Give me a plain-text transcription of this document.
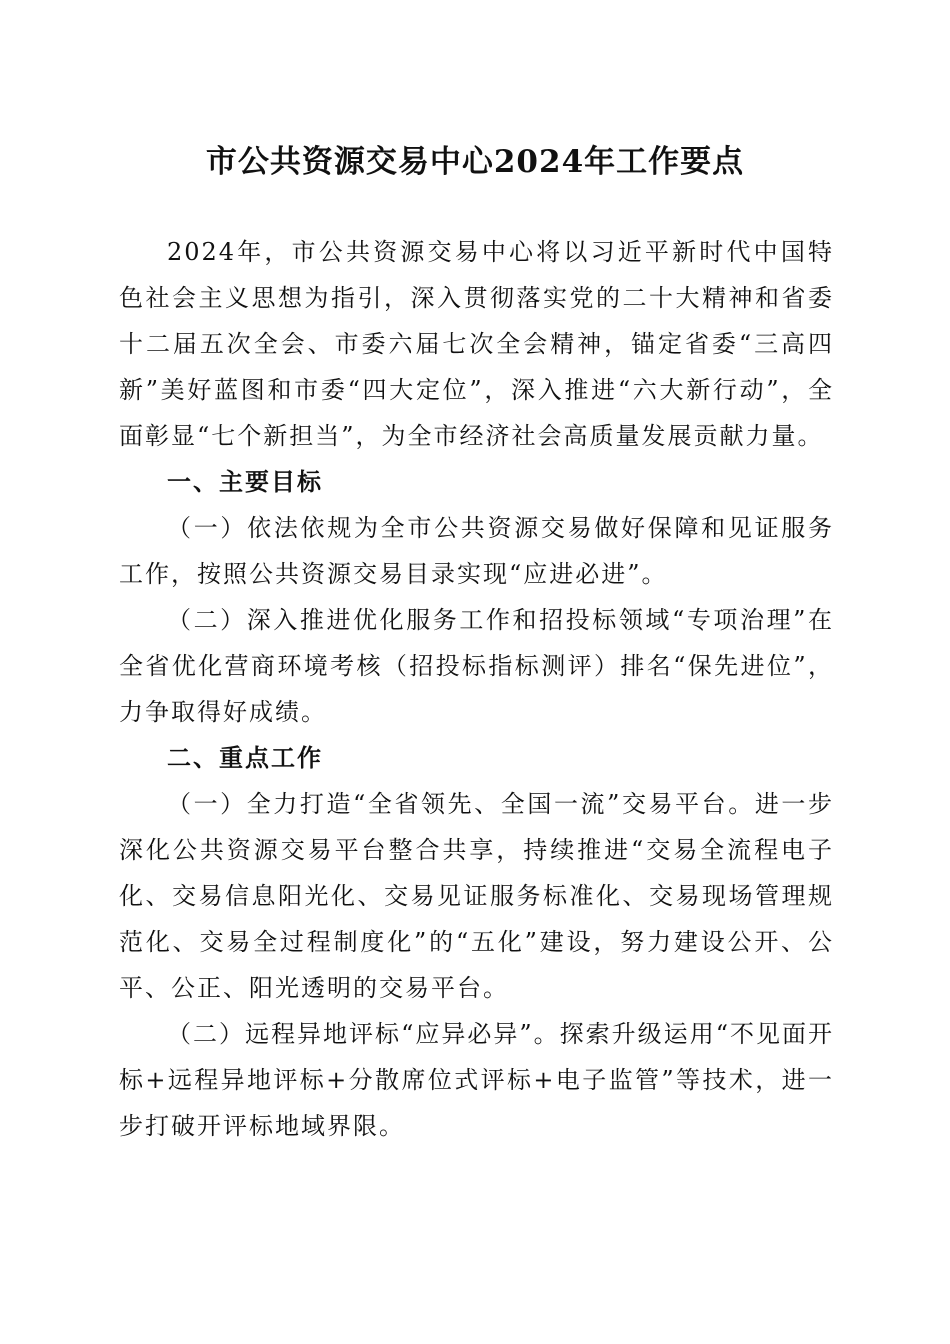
市公共资源交易中心2024年工作要点

2024年，市公共资源交易中心将以习近平新时代中国特色社会主义思想为指引，深入贯彻落实党的二十大精神和省委十二届五次全会、市委六届七次全会精神，锚定省委“三高四新”美好蓝图和市委“四大定位”，深入推进“六大新行动”，全面彰显“七个新担当”，为全市经济社会高质量发展贡献力量。

一、主要目标

（一）依法依规为全市公共资源交易做好保障和见证服务工作，按照公共资源交易目录实现“应进必进”。

（二）深入推进优化服务工作和招投标领域“专项治理”在全省优化营商环境考核（招投标指标测评）排名“保先进位”，力争取得好成绩。

二、重点工作

（一）全力打造“全省领先、全国一流”交易平台。进一步深化公共资源交易平台整合共享，持续推进“交易全流程电子化、交易信息阳光化、交易见证服务标准化、交易现场管理规范化、交易全过程制度化”的“五化”建设，努力建设公开、公平、公正、阳光透明的交易平台。

（二）远程异地评标“应异必异”。探索升级运用“不见面开标+远程异地评标+分散席位式评标+电子监管”等技术，进一步打破开评标地域界限。
